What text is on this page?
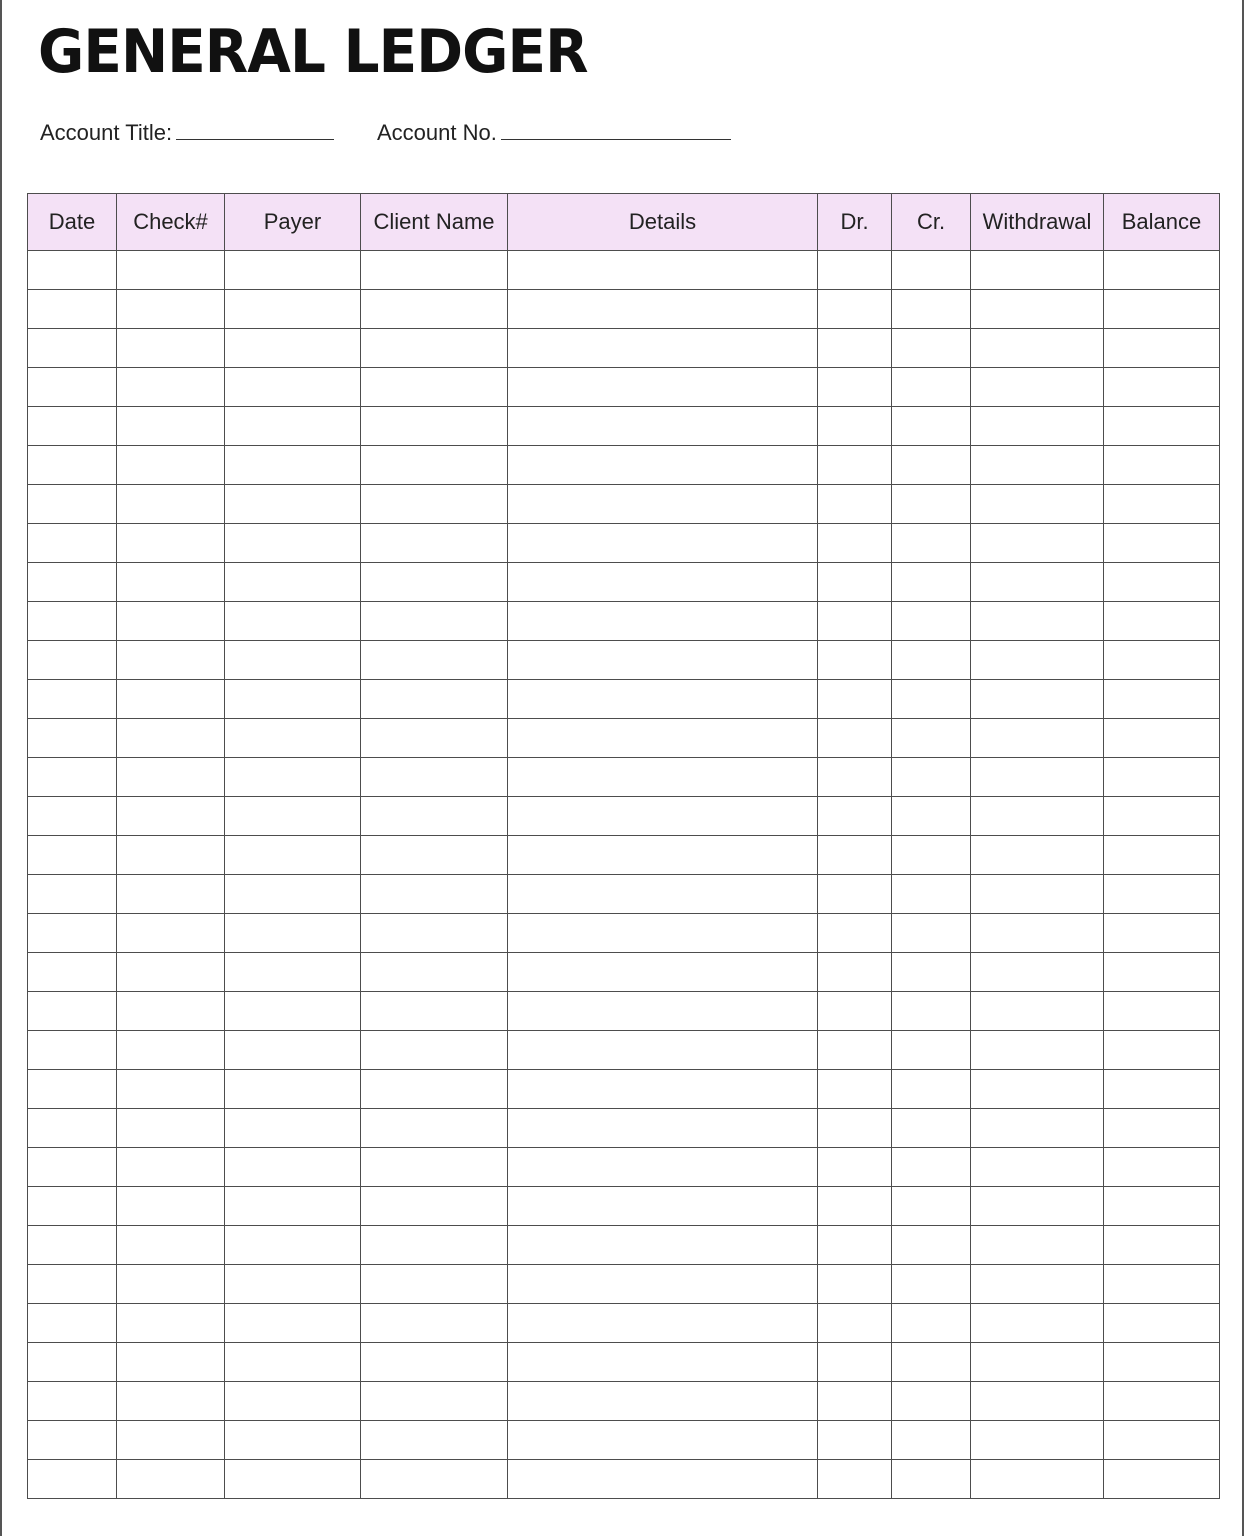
GENERAL LEDGER
Account Title:	Account No.
Date	Check#	Payer	Client Name	Details	Dr.	Cr.	Withdrawal	Balance
